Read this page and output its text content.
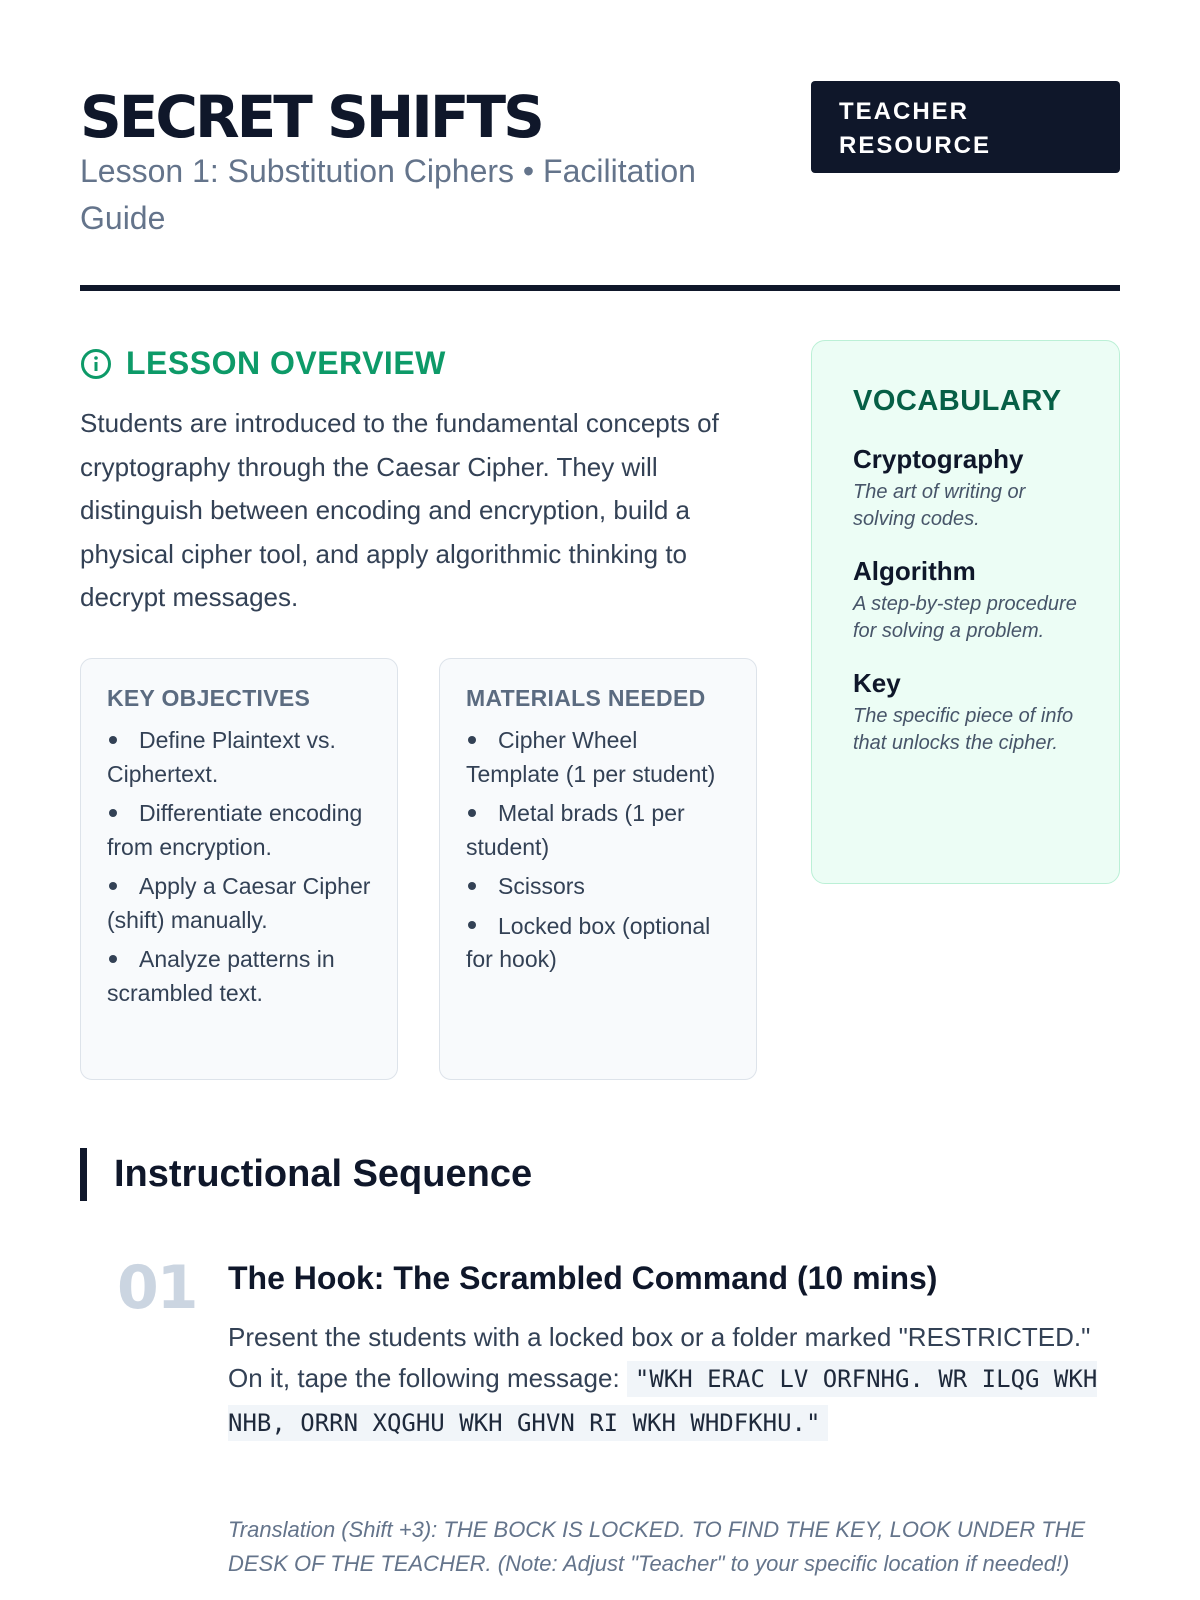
SECRET SHIFTS
Lesson 1: Substitution Ciphers • Facilitation Guide
TEACHER
RESOURCE
LESSON OVERVIEW

Students are introduced to the fundamental concepts of cryptography through the Caesar Cipher. They will distinguish between encoding and encryption, build a physical cipher tool, and apply algorithmic thinking to decrypt messages.

KEY OBJECTIVES
Define Plaintext vs. Ciphertext.
Differentiate encoding from encryption.
Apply a Caesar Cipher (shift) manually.
Analyze patterns in scrambled text.
MATERIALS NEEDED
Cipher Wheel Template (1 per student)
Metal brads (1 per student)
Scissors
Locked box (optional for hook)
VOCABULARY
Cryptography
The art of writing or solving codes.
Algorithm
A step-by-step procedure for solving a problem.
Key
The specific piece of info that unlocks the cipher.
Instructional Sequence
01 The Hook: The Scrambled Command (10 mins)
Present the students with a locked box or a folder marked "RESTRICTED." On it, tape the following message: "WKH ERAC LV ORFNHG. WR ILQG WKH NHB, ORRN XQGHU WKH GHVN RI WKH WHDFKHU."
Translation (Shift +3): THE BOCK IS LOCKED. TO FIND THE KEY, LOOK UNDER THE DESK OF THE TEACHER. (Note: Adjust "Teacher" to your specific location if needed!)
